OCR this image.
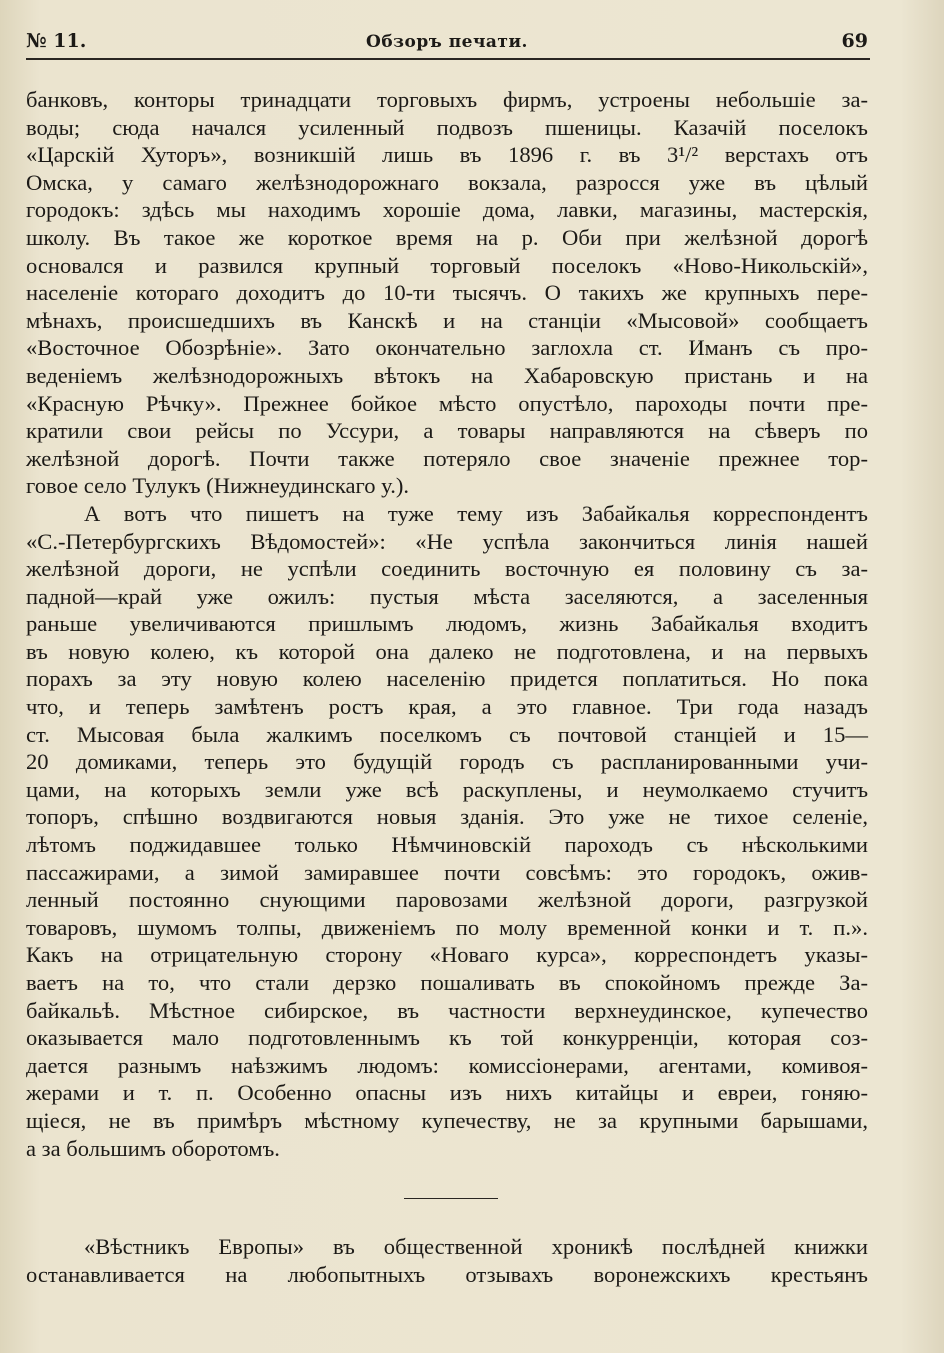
№ 11.	Обзоръ печати.	69
банковъ, конторы тринадцати торговыхъ фирмъ, устроены небольшiе за-
воды; сюда начался усиленный подвозъ пшеницы. Казачiй поселокъ
«Царскiй Хуторъ», возникшiй лишь въ 1896 г. въ 3¹/² верстахъ отъ
Омска, у самаго желѣзнодорожнаго вокзала, разросся уже въ цѣлый
городокъ: здѣсь мы находимъ хорошiе дома, лавки, магазины, мастерскiя,
школу. Въ такое же короткое время на р. Оби при желѣзной дорогѣ
основался и развился крупный торговый поселокъ «Ново-Никольскiй»,
населенiе котораго доходитъ до 10-ти тысячъ. О такихъ же крупныхъ пере-
мѣнахъ, происшедшихъ въ Канскѣ и на станцiи «Мысовой» сообщаетъ
«Восточное Обозрѣнiе». Зато окончательно заглохла ст. Иманъ съ про-
веденiемъ желѣзнодорожныхъ вѣтокъ на Хабаровскую пристань и на
«Красную Рѣчку». Прежнее бойкое мѣсто опустѣло, пароходы почти пре-
кратили свои рейсы по Уссури, а товары направляются на сѣверъ по
желѣзной дорогѣ. Почти также потеряло свое значенiе прежнее тор-
говое село Тулукъ (Нижнеудинскаго у.).
А вотъ что пишетъ на туже тему изъ Забайкалья корреспондентъ
«С.-Петербургскихъ Вѣдомостей»: «Не успѣла закончиться линiя нашей
желѣзной дороги, не успѣли соединить восточную ея половину съ за-
падной—край уже ожилъ: пустыя мѣста заселяются, а заселенныя
раньше увеличиваются пришлымъ людомъ, жизнь Забайкалья входитъ
въ новую колею, къ которой она далеко не подготовлена, и на первыхъ
порахъ за эту новую колею населенiю придется поплатиться. Но пока
что, и теперь замѣтенъ ростъ края, а это главное. Три года назадъ
ст. Мысовая была жалкимъ поселкомъ съ почтовой станцiей и 15—
20 домиками, теперь это будущiй городъ съ распланированными учи-
цами, на которыхъ земли уже всѣ раскуплены, и неумолкаемо стучитъ
топоръ, спѣшно воздвигаются новыя зданiя. Это уже не тихое селенiе,
лѣтомъ поджидавшее только Нѣмчиновскiй пароходъ съ нѣсколькими
пассажирами, а зимой замиравшее почти совсѣмъ: это городокъ, ожив-
ленный постоянно снующими паровозами желѣзной дороги, разгрузкой
товаровъ, шумомъ толпы, движенiемъ по молу временной конки и т. п.».
Какъ на отрицательную сторону «Новаго курса», корреспондетъ указы-
ваетъ на то, что стали дерзко пошаливать въ спокойномъ прежде За-
байкальѣ. Мѣстное сибирское, въ частности верхнеудинское, купечество
оказывается мало подготовленнымъ къ той конкурренцiи, которая соз-
дается разнымъ наѣзжимъ людомъ: комиссiонерами, агентами, комивоя-
жерами и т. п. Особенно опасны изъ нихъ китайцы и евреи, гоняю-
щiеся, не въ примѣръ мѣстному купечеству, не за крупными барышами,
а за большимъ оборотомъ.
«Вѣстникъ Европы» въ общественной хроникѣ послѣдней книжки
останавливается на любопытныхъ отзывахъ воронежскихъ крестьянъ
